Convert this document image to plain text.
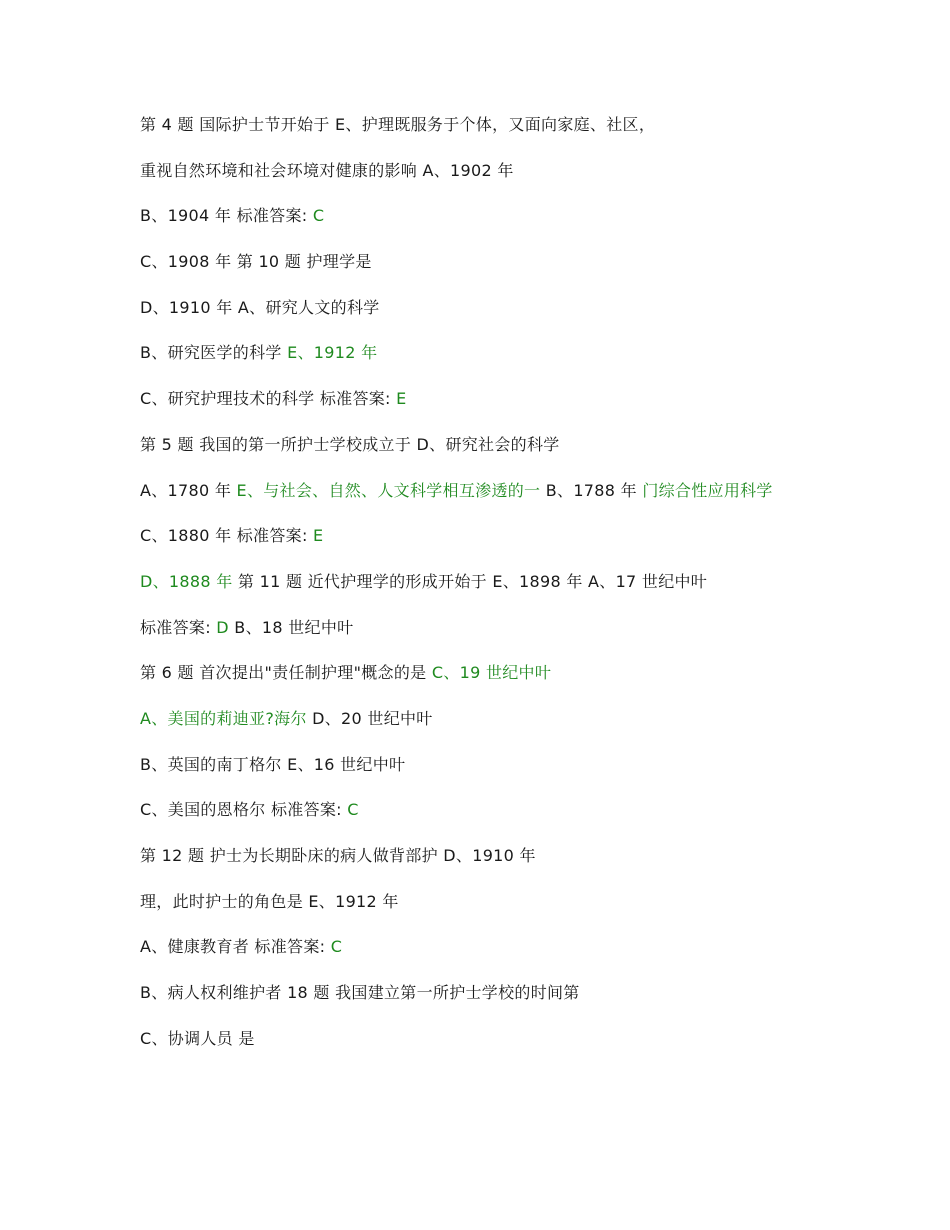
第 4 题 国际护士节开始于 E、护理既服务于个体，又面向家庭、社区，
重视自然环境和社会环境对健康的影响 A、1902 年
B、1904 年 标准答案: C
C、1908 年 第 10 题 护理学是
D、1910 年 A、研究人文的科学
B、研究医学的科学 E、1912 年
C、研究护理技术的科学 标准答案: E
第 5 题 我国的第一所护士学校成立于 D、研究社会的科学
A、1780 年 E、与社会、自然、人文科学相互渗透的一 B、1788 年 门综合性应用科学
C、1880 年 标准答案: E
D、1888 年 第 11 题 近代护理学的形成开始于 E、1898 年 A、17 世纪中叶
标准答案: D B、18 世纪中叶
第 6 题 首次提出"责任制护理"概念的是 C、19 世纪中叶
A、美国的莉迪亚?海尔 D、20 世纪中叶
B、英国的南丁格尔 E、16 世纪中叶
C、美国的恩格尔 标准答案: C
第 12 题 护士为长期卧床的病人做背部护 D、1910 年
理，此时护士的角色是 E、1912 年
A、健康教育者 标准答案: C
B、病人权利维护者 18 题 我国建立第一所护士学校的时间第
C、协调人员 是
